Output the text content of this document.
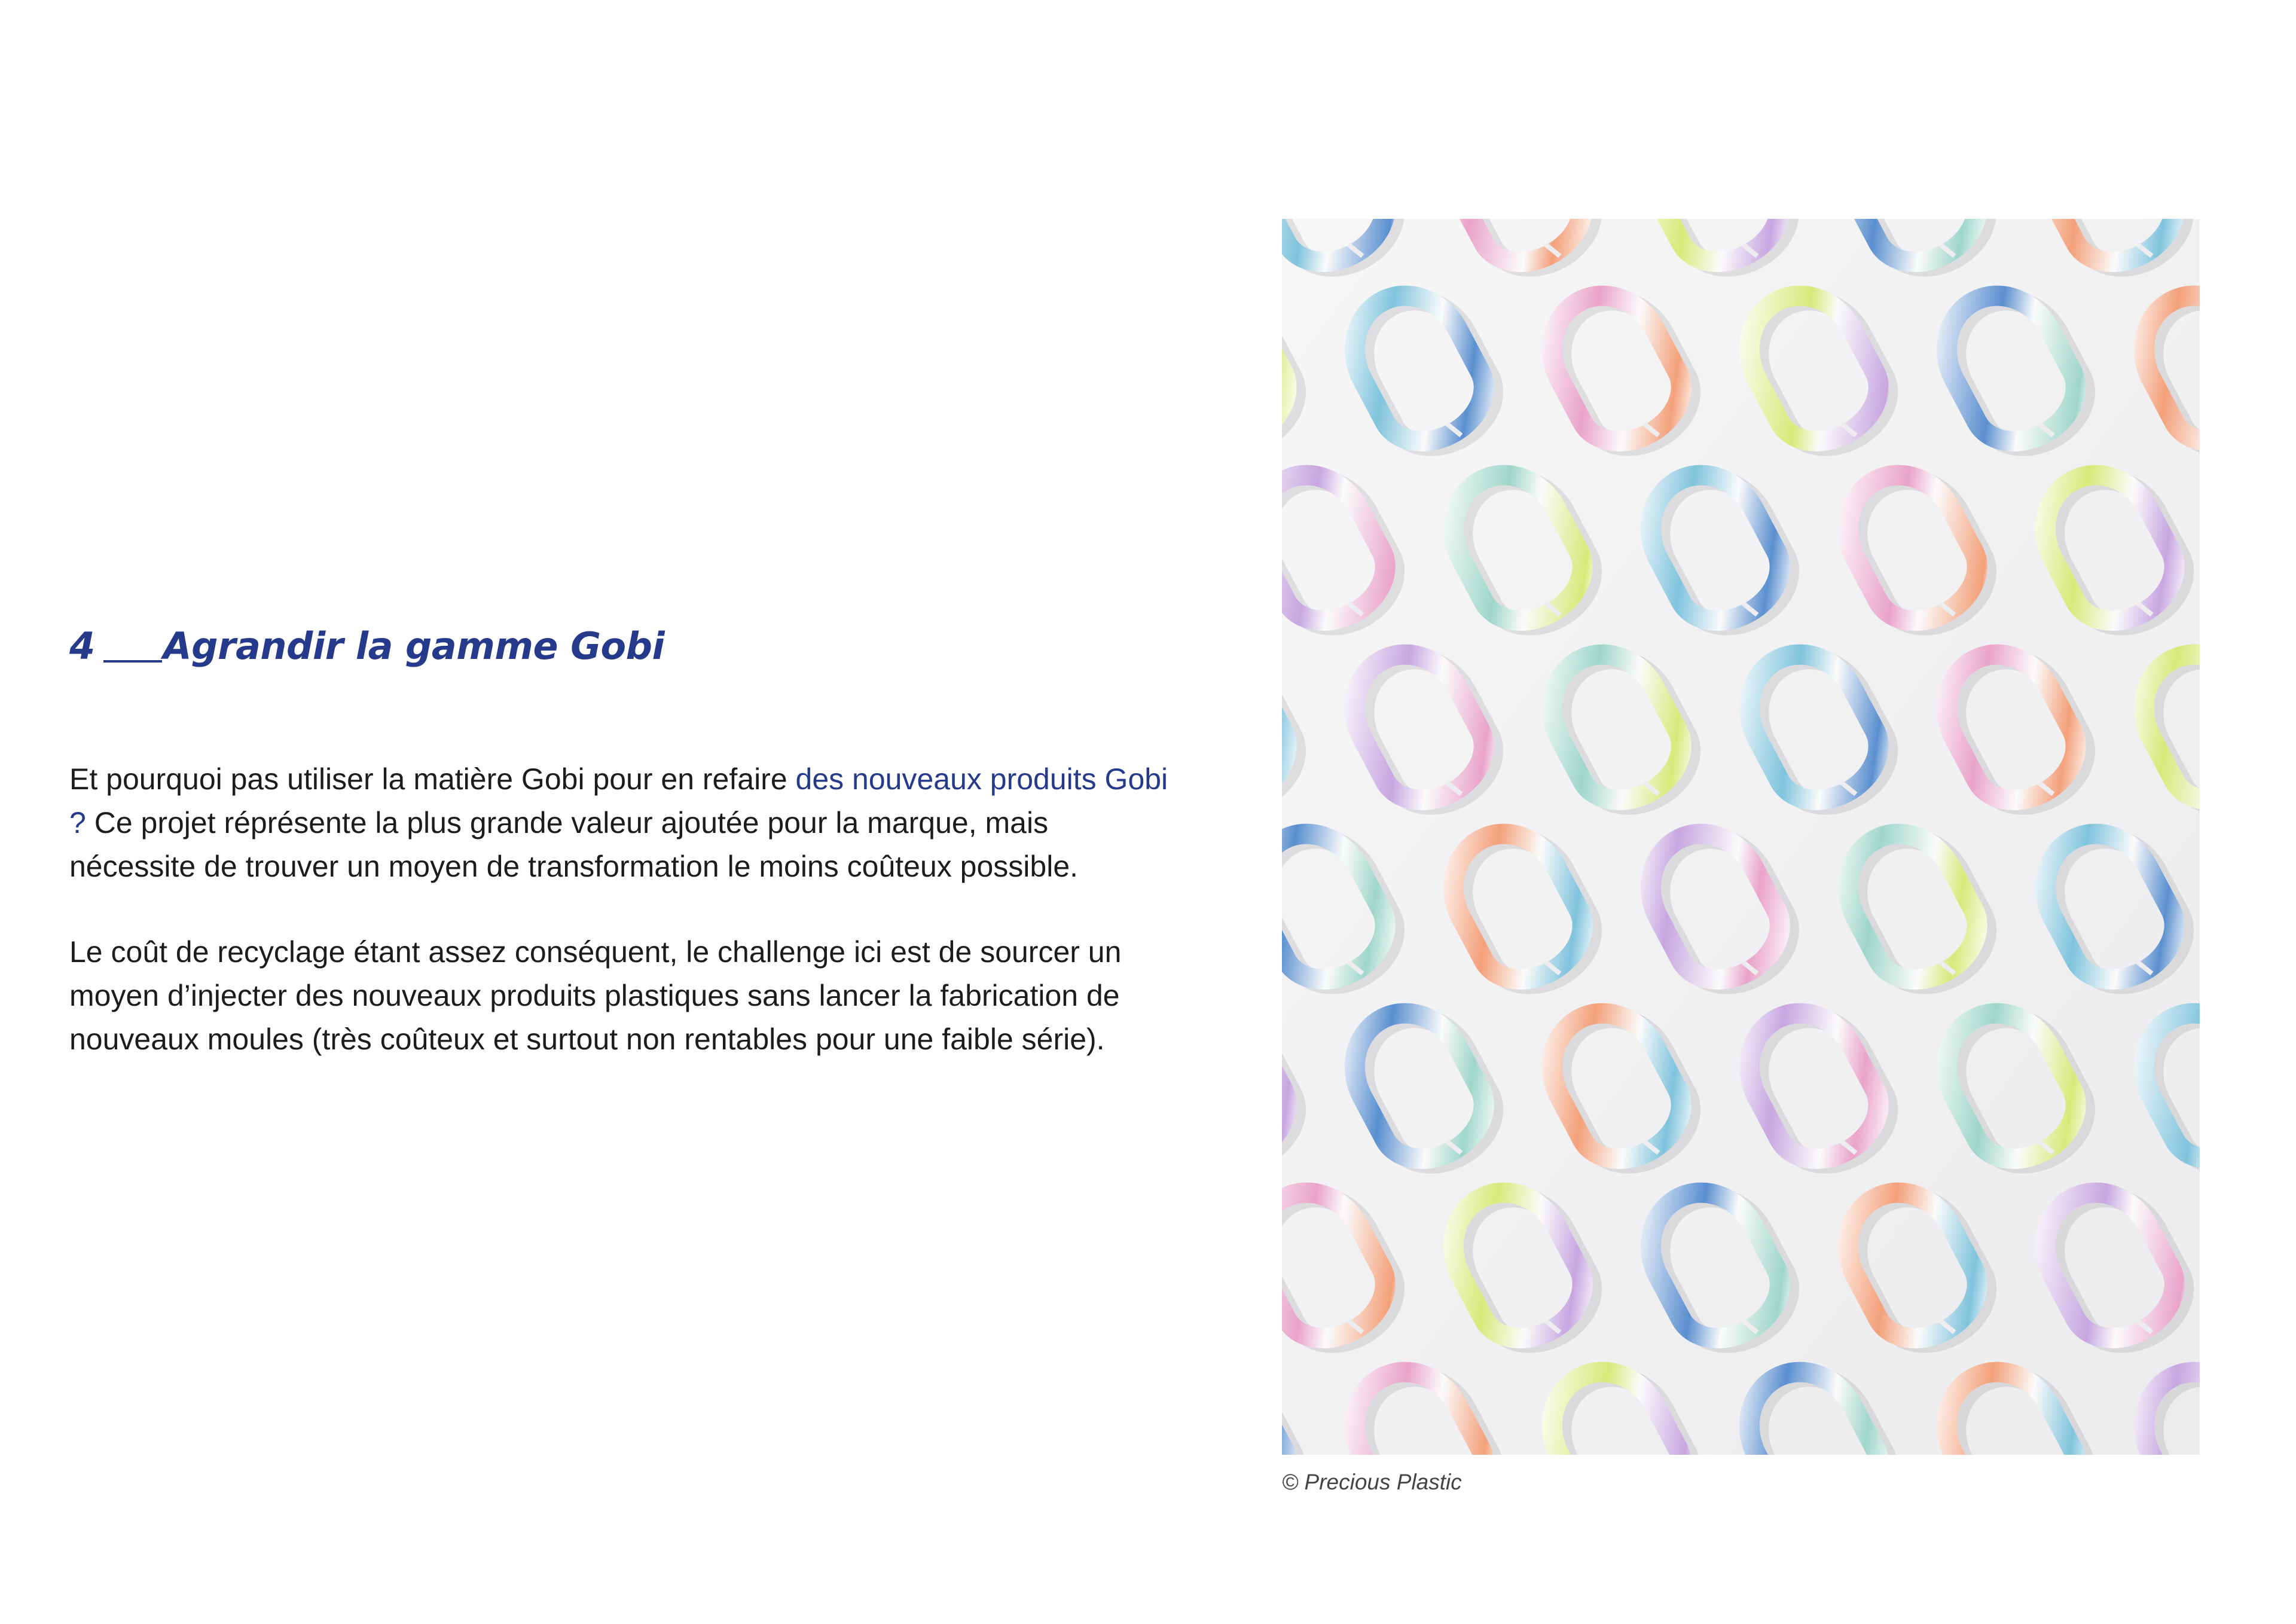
4 Agrandir la gamme Gobi

Et pourquoi pas utiliser la matière Gobi pour en refaire des nouveaux produits Gobi ? Ce projet réprésente la plus grande valeur ajoutée pour la marque, mais nécessite de trouver un moyen de transformation le moins coûteux possible.

Le coût de recyclage étant assez conséquent, le challenge ici est de sourcer un moyen d’injecter des nouveaux produits plastiques sans lancer la fabrication de nouveaux moules (très coûteux et surtout non rentables pour une faible série).

© Precious Plastic
